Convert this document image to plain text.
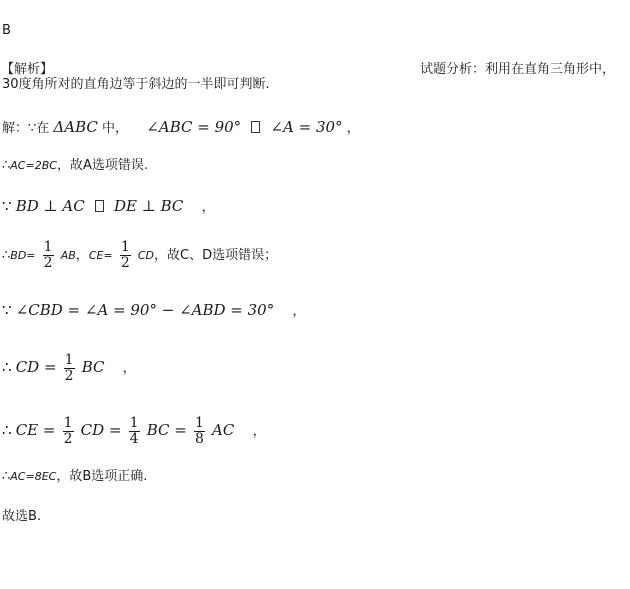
B
【解析】	试题分析：利用在直角三角形中，
30度角所对的直角边等于斜边的一半即可判断.
解：∵在 ΔABC 中， ∠ABC = 90° ∠A = 30° ，
∴AC=2BC，故A选项错误.
∵ BD ⊥ AC DE ⊥ BC ，
∴BD= $\frac{1}{2}$ AB，$CE= \frac{1}{2}$ CD，故C、D选项错误；
∵ ∠CBD = ∠A = 90° − ∠ABD = 30° ，
∴ CD = $\frac{1}{2}$ BC ，
∴ CE = $\frac{1}{2}$ CD = $\frac{1}{4}$ BC = $\frac{1}{8}$ AC ，
∴AC=8EC，故B选项正确.
故选B.
